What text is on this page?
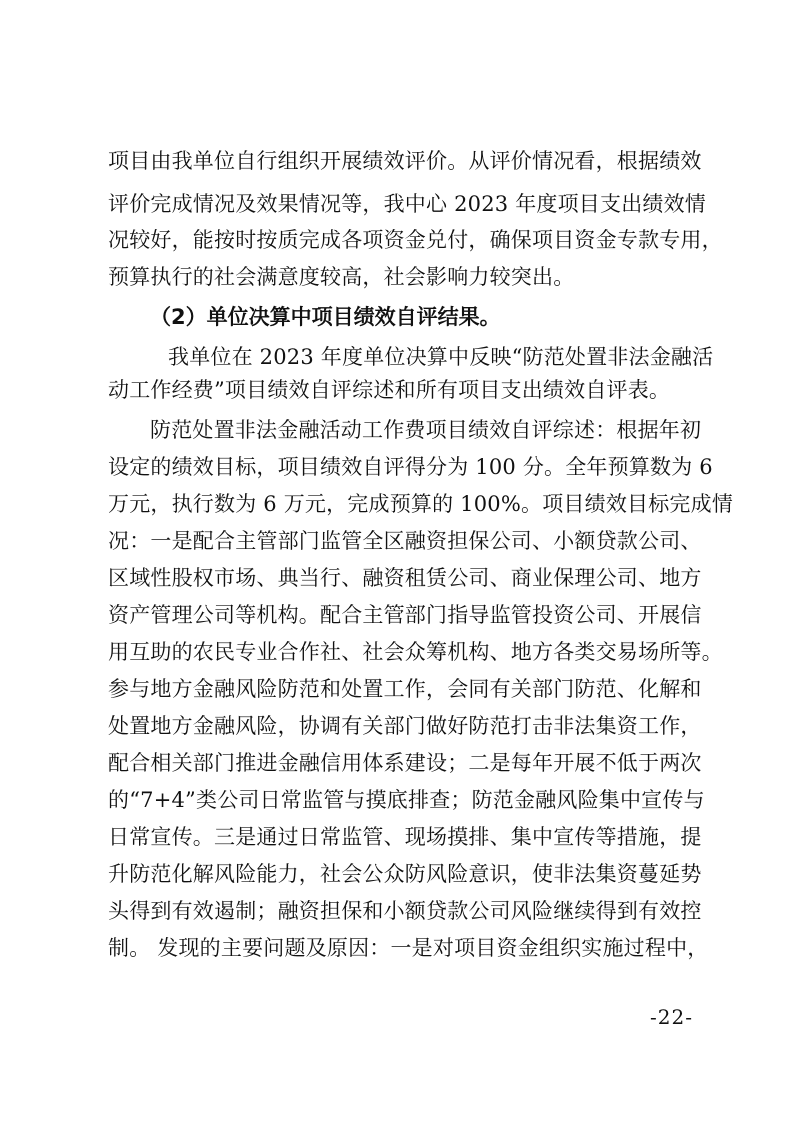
项目由我单位自行组织开展绩效评价。从评价情况看，根据绩效
评价完成情况及效果情况等，我中心 2023 年度项目支出绩效情
况较好，能按时按质完成各项资金兑付，确保项目资金专款专用，
预算执行的社会满意度较高，社会影响力较突出。
（2）单位决算中项目绩效自评结果。
我单位在 2023 年度单位决算中反映“防范处置非法金融活
动工作经费”项目绩效自评综述和所有项目支出绩效自评表。
防范处置非法金融活动工作费项目绩效自评综述：根据年初
设定的绩效目标，项目绩效自评得分为 100 分。全年预算数为 6
万元，执行数为 6 万元，完成预算的 100%。项目绩效目标完成情
况：一是配合主管部门监管全区融资担保公司、小额贷款公司、
区域性股权市场、典当行、融资租赁公司、商业保理公司、地方
资产管理公司等机构。配合主管部门指导监管投资公司、开展信
用互助的农民专业合作社、社会众筹机构、地方各类交易场所等。
参与地方金融风险防范和处置工作，会同有关部门防范、化解和
处置地方金融风险，协调有关部门做好防范打击非法集资工作，
配合相关部门推进金融信用体系建设；二是每年开展不低于两次
的“7+4”类公司日常监管与摸底排查；防范金融风险集中宣传与
日常宣传。三是通过日常监管、现场摸排、集中宣传等措施，提
升防范化解风险能力，社会公众防风险意识，使非法集资蔓延势
头得到有效遏制；融资担保和小额贷款公司风险继续得到有效控
制。 发现的主要问题及原因：一是对项目资金组织实施过程中，
-22-
